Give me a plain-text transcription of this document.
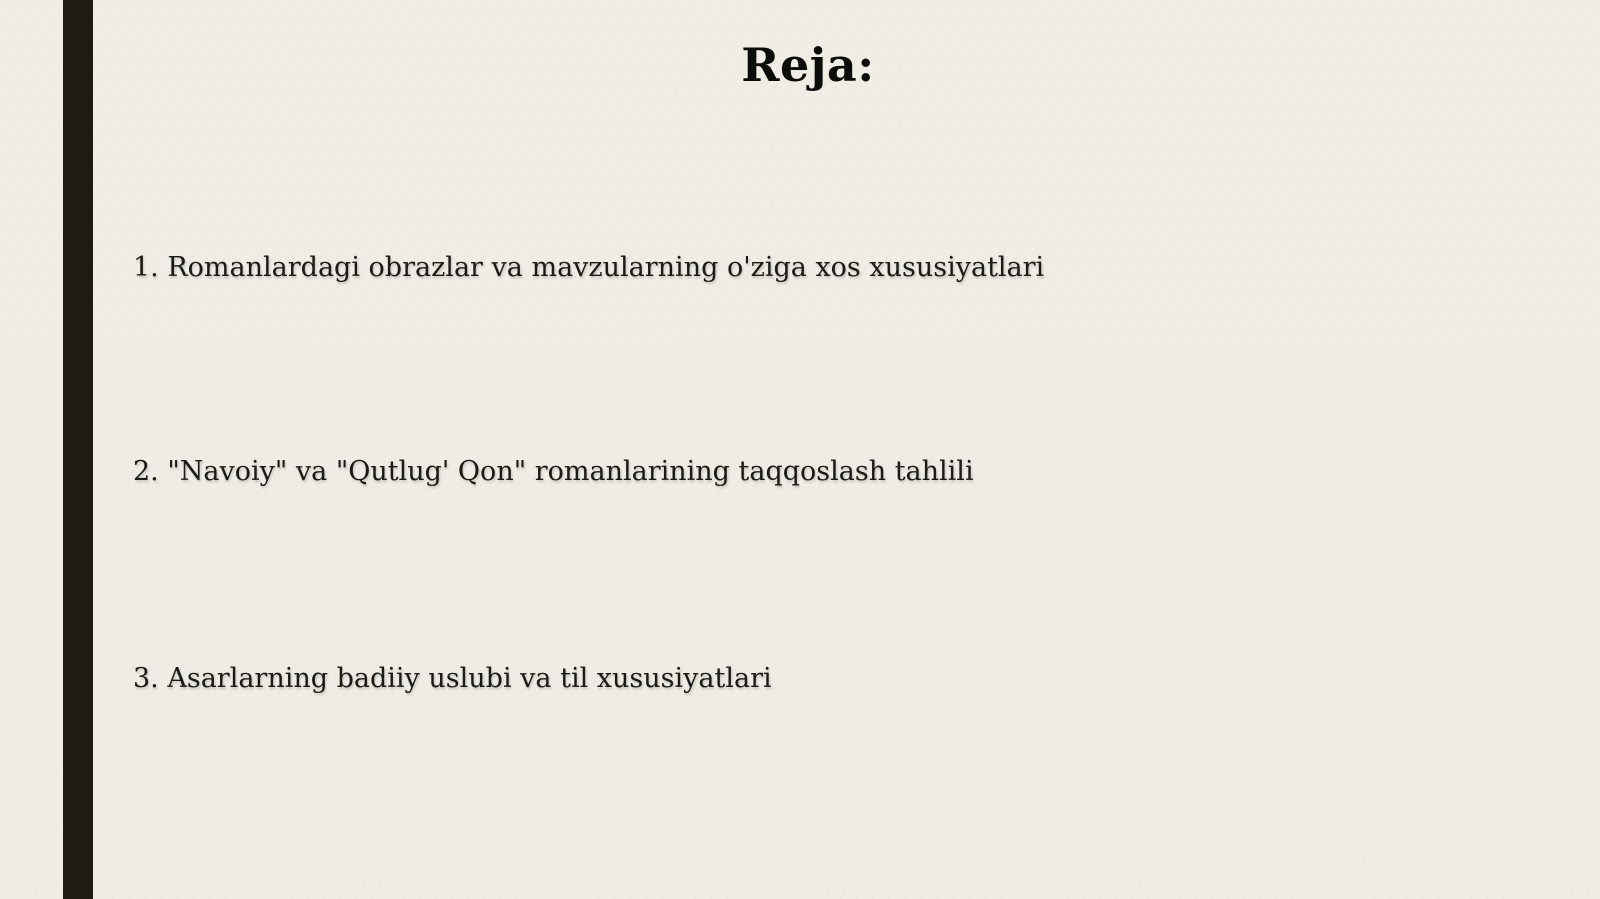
Reja:
1. Romanlardagi obrazlar va mavzularning o'ziga xos xususiyatlari
2. "Navoiy" va "Qutlug' Qon" romanlarining taqqoslash tahlili
3. Asarlarning badiiy uslubi va til xususiyatlari
